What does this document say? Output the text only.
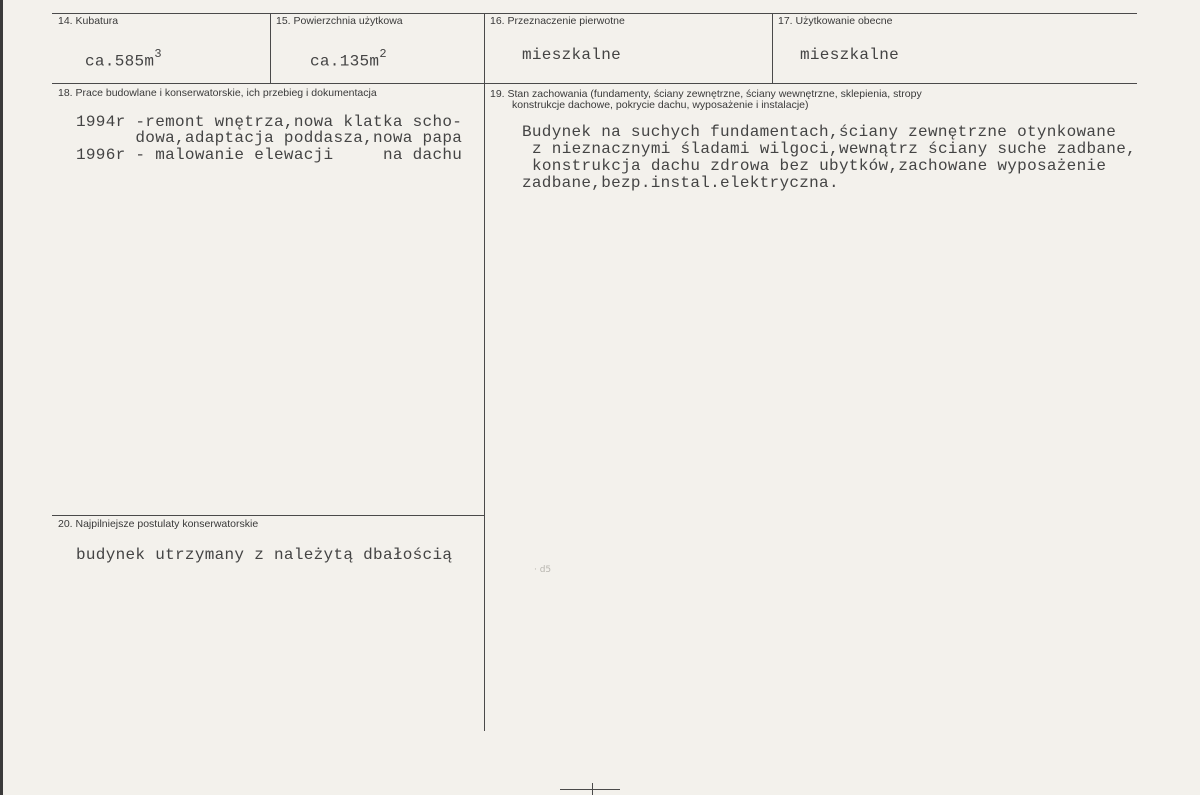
14. Kubatura
$ca.585m^3$
15. Powierzchnia użytkowa
$ca.135m^2$
16. Przeznaczenie pierwotne
mieszkalne
17. Użytkowanie obecne
mieszkalne
18. Prace budowlane i konserwatorskie, ich przebieg i dokumentacja
1994r -remont wnętrza,nowa klatka scho-
dowa,adaptacja poddasza,nowa papa
1996r - malowanie elewacji     na dachu
19. Stan zachowania (fundamenty, ściany zewnętrzne, ściany wewnętrzne, sklepienia, stropy
konstrukcje dachowe, pokrycie dachu, wyposażenie i instalacje)
Budynek na suchych fundamentach,ściany zewnętrzne otynkowane
z nieznacznymi śladami wilgoci,wewnątrz ściany suche zadbane,
konstrukcja dachu zdrowa bez ubytków,zachowane wyposażenie
zadbane,bezp.instal.elektryczna.
20. Najpilniejsze postulaty konserwatorskie
budynek utrzymany z należytą dbałością
· d5
